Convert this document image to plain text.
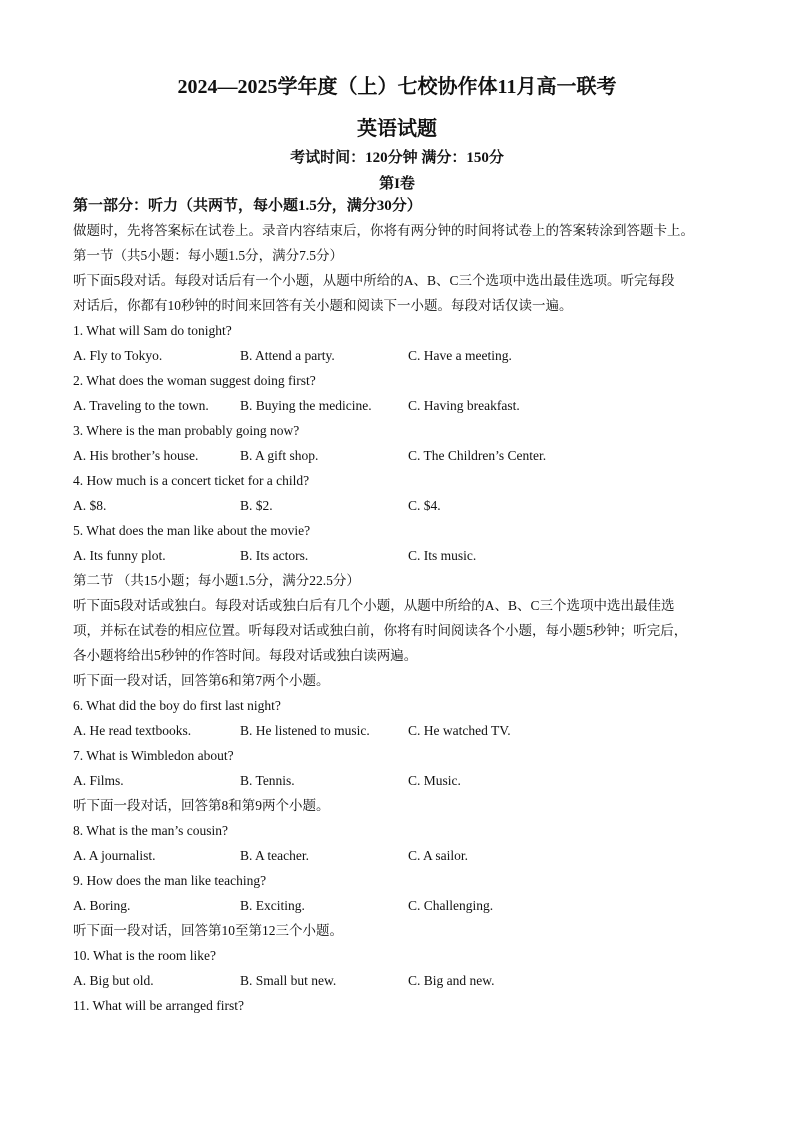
2024—2025学年度（上）七校协作体11月高一联考
英语试题
考试时间：120分钟 满分：150分
第I卷
第一部分：听力（共两节，每小题1.5分，满分30分）
做题时，先将答案标在试卷上。录音内容结束后，你将有两分钟的时间将试卷上的答案转涂到答题卡上。
第一节（共5小题：每小题1.5分，满分7.5分）
听下面5段对话。每段对话后有一个小题，从题中所给的A、B、C三个选项中选出最佳选项。听完每段
对话后，你都有10秒钟的时间来回答有关小题和阅读下一小题。每段对话仅读一遍。
1. What will Sam do tonight?
A. Fly to Tokyo.	B. Attend a party.	C. Have a meeting.
2. What does the woman suggest doing first?
A. Traveling to the town. B. Buying the medicine.	C. Having breakfast.
3. Where is the man probably going now?
A. His brother’s house.	B. A gift shop.	C. The Children’s Center.
4. How much is a concert ticket for a child?
A. $8.	B. $2.	C. $4.
5. What does the man like about the movie?
A. Its funny plot.	B. Its actors.	C. Its music.
第二节 （共15小题；每小题1.5分，满分22.5分）
听下面5段对话或独白。每段对话或独白后有几个小题，从题中所给的A、B、C三个选项中选出最佳选
项，并标在试卷的相应位置。听每段对话或独白前，你将有时间阅读各个小题，每小题5秒钟；听完后，
各小题将给出5秒钟的作答时间。每段对话或独白读两遍。
听下面一段对话，回答第6和第7两个小题。
6. What did the boy do first last night?
A. He read textbooks.	B. He listened to music.	C. He watched TV.
7. What is Wimbledon about?
A. Films.	B. Tennis.	C. Music.
听下面一段对话，回答第8和第9两个小题。
8. What is the man’s cousin?
A. A journalist.	B. A teacher.	C. A sailor.
9. How does the man like teaching?
A. Boring.	B. Exciting.	C. Challenging.
听下面一段对话，回答第10至第12三个小题。
10. What is the room like?
A. Big but old.	B. Small but new.	C. Big and new.
11. What will be arranged first?
